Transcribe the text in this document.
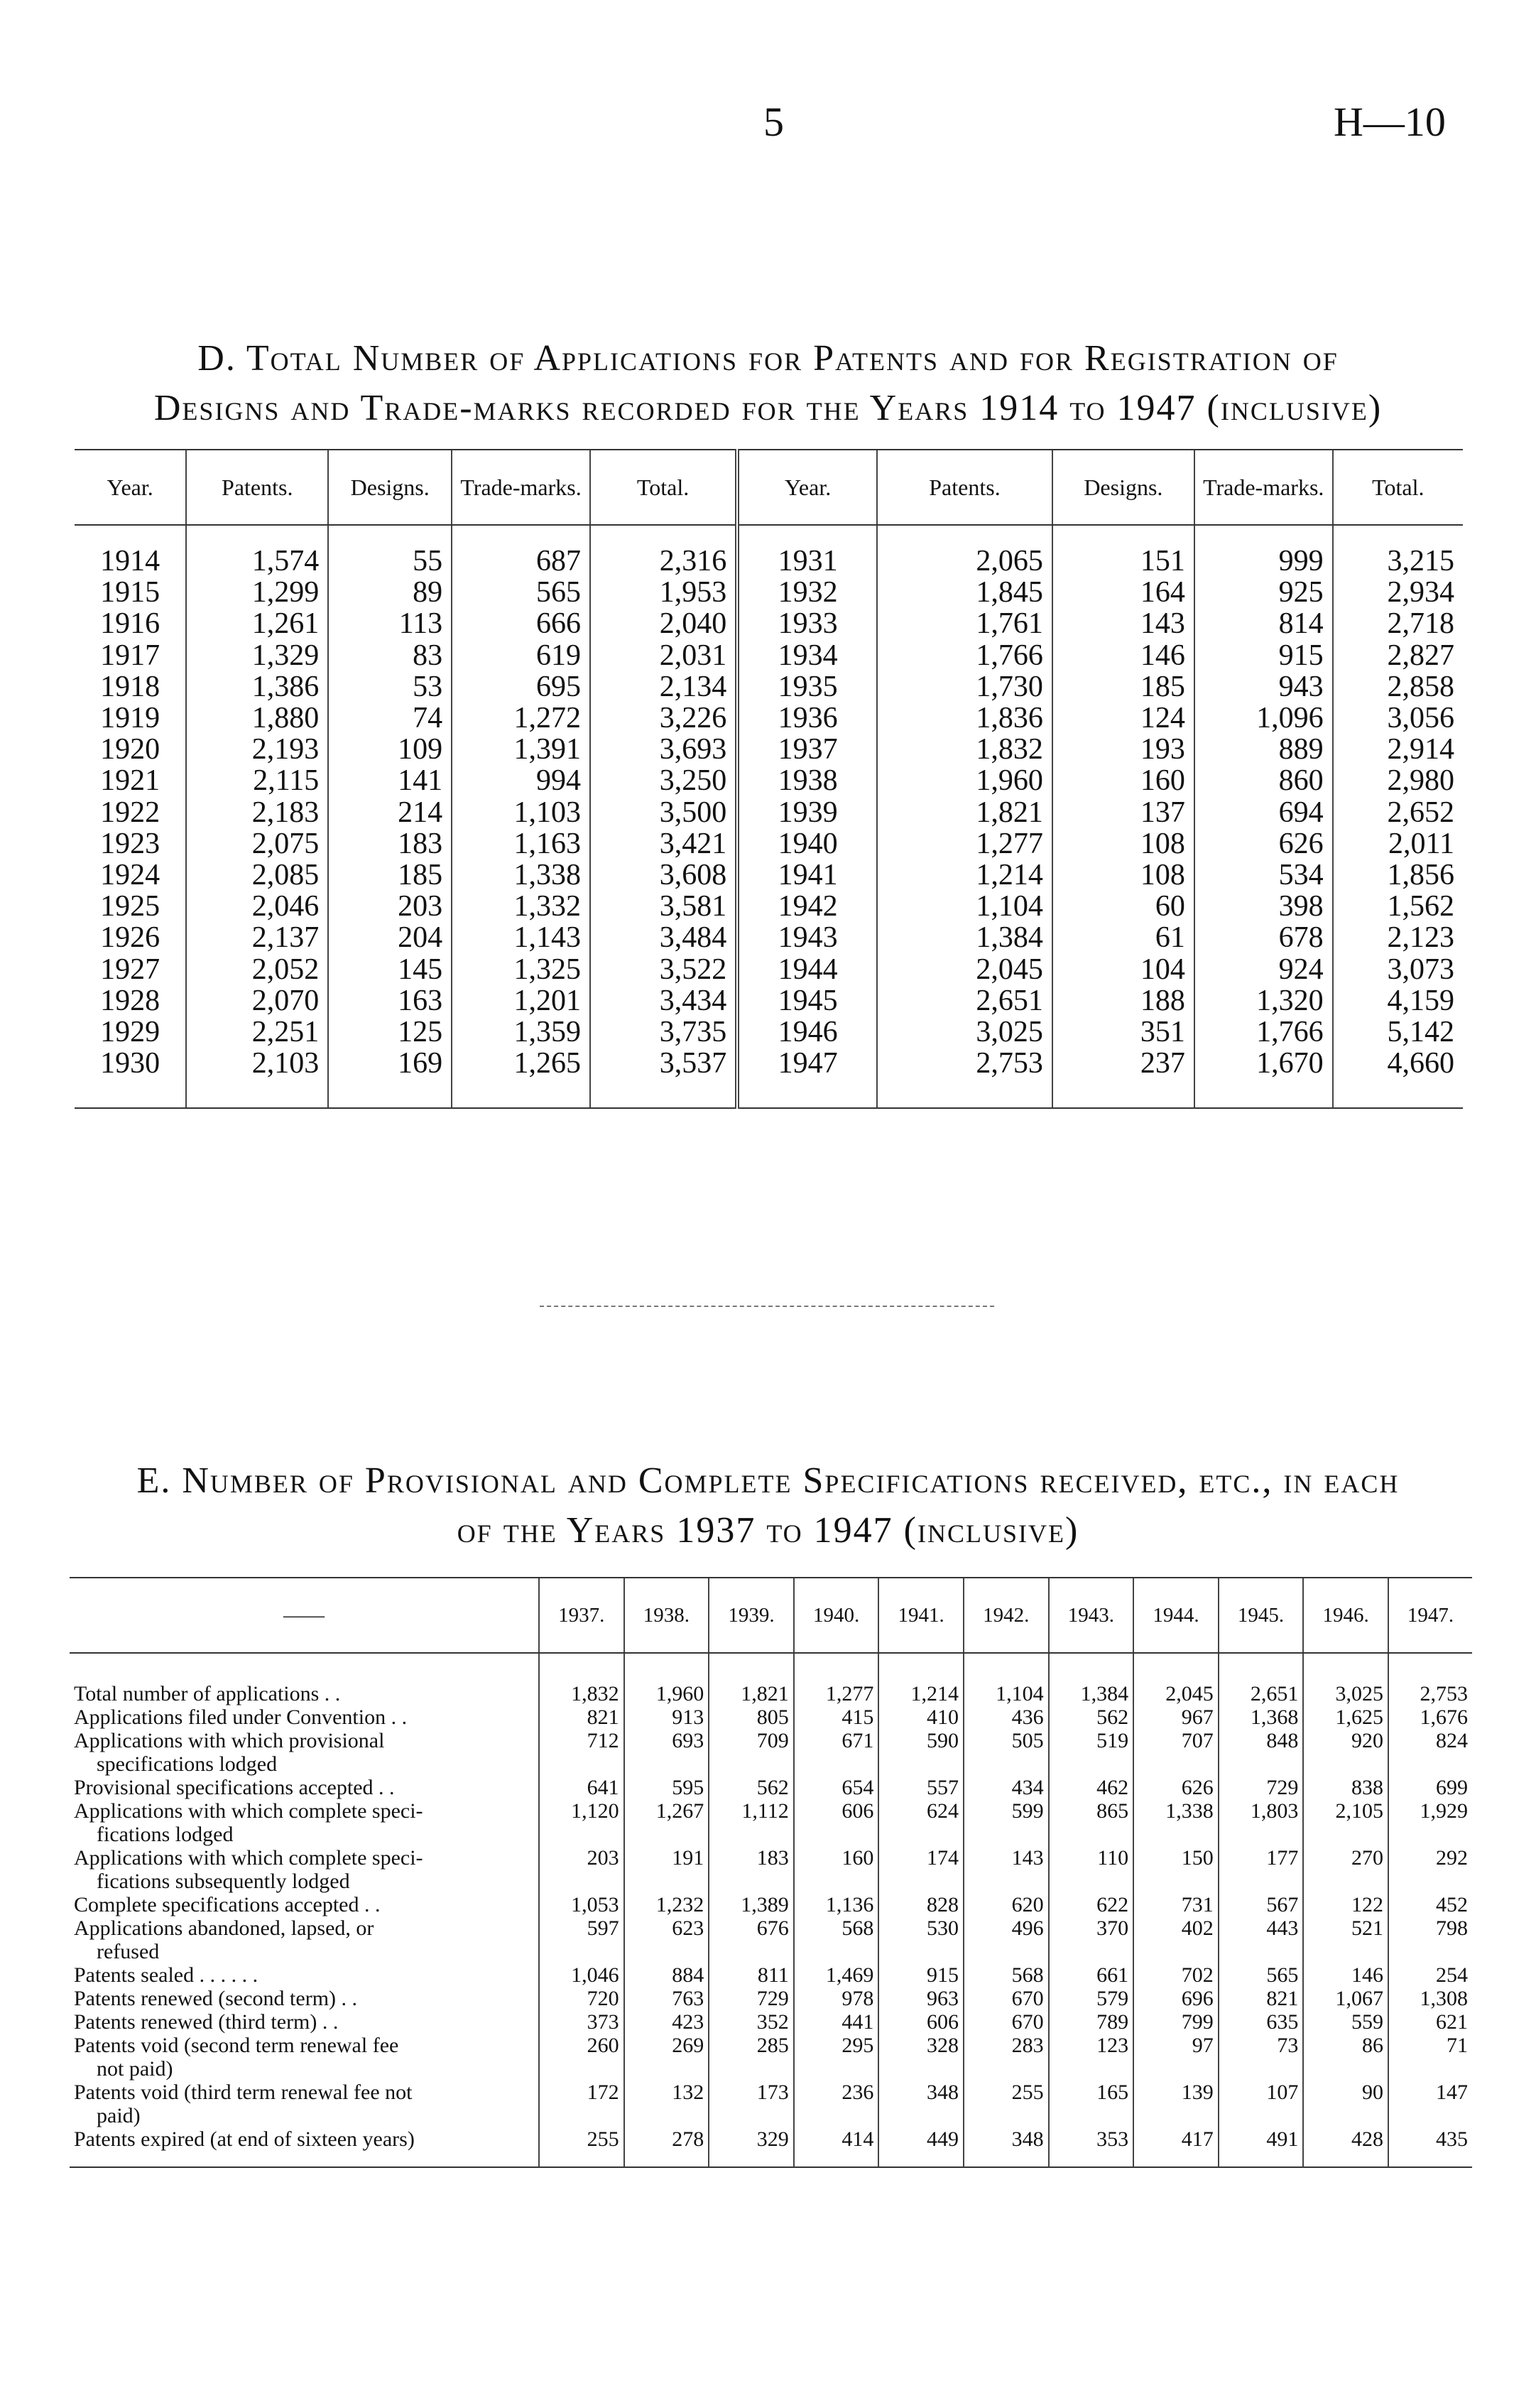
5	H—10
D. Total Number of Applications for Patents and for Registration of
Designs and Trade-marks recorded for the Years 1914 to 1947 (inclusive)
Year.	Patents.	Designs.	Trade-marks.	Total.	Year.	Patents.	Designs.	Trade-marks.	Total.
1914	1,574	55	687	2,316	1931	2,065	151	999	3,215
1915	1,299	89	565	1,953	1932	1,845	164	925	2,934
1916	1,261	113	666	2,040	1933	1,761	143	814	2,718
1917	1,329	83	619	2,031	1934	1,766	146	915	2,827
1918	1,386	53	695	2,134	1935	1,730	185	943	2,858
1919	1,880	74	1,272	3,226	1936	1,836	124	1,096	3,056
1920	2,193	109	1,391	3,693	1937	1,832	193	889	2,914
1921	2,115	141	994	3,250	1938	1,960	160	860	2,980
1922	2,183	214	1,103	3,500	1939	1,821	137	694	2,652
1923	2,075	183	1,163	3,421	1940	1,277	108	626	2,011
1924	2,085	185	1,338	3,608	1941	1,214	108	534	1,856
1925	2,046	203	1,332	3,581	1942	1,104	60	398	1,562
1926	2,137	204	1,143	3,484	1943	1,384	61	678	2,123
1927	2,052	145	1,325	3,522	1944	2,045	104	924	3,073
1928	2,070	163	1,201	3,434	1945	2,651	188	1,320	4,159
1929	2,251	125	1,359	3,735	1946	3,025	351	1,766	5,142
1930	2,103	169	1,265	3,537	1947	2,753	237	1,670	4,660
E. Number of Provisional and Complete Specifications received, etc., in each
of the Years 1937 to 1947 (inclusive)
——	1937.	1938.	1939.	1940.	1941.	1942.	1943.	1944.	1945.	1946.	1947.

Total number of applications . .	1,832	1,960	1,821	1,277	1,214	1,104	1,384	2,045	2,651	3,025	2,753

Applications filed under Convention . .	821	913	805	415	410	436	562	967	1,368	1,625	1,676

Applications with which provisional
specifications lodged	712	693	709	671	590	505	519	707	848	920	824

Provisional specifications accepted . .	641	595	562	654	557	434	462	626	729	838	699

Applications with which complete speci-
fications lodged	1,120	1,267	1,112	606	624	599	865	1,338	1,803	2,105	1,929

Applications with which complete speci-
fications subsequently lodged	203	191	183	160	174	143	110	150	177	270	292

Complete specifications accepted . .	1,053	1,232	1,389	1,136	828	620	622	731	567	122	452

Applications abandoned, lapsed, or
refused	597	623	676	568	530	496	370	402	443	521	798

Patents sealed . . . . . .	1,046	884	811	1,469	915	568	661	702	565	146	254

Patents renewed (second term) . .	720	763	729	978	963	670	579	696	821	1,067	1,308

Patents renewed (third term) . .	373	423	352	441	606	670	789	799	635	559	621

Patents void (second term renewal fee
not paid)	260	269	285	295	328	283	123	97	73	86	71

Patents void (third term renewal fee not
paid)	172	132	173	236	348	255	165	139	107	90	147

Patents expired (at end of sixteen years)	255	278	329	414	449	348	353	417	491	428	435
